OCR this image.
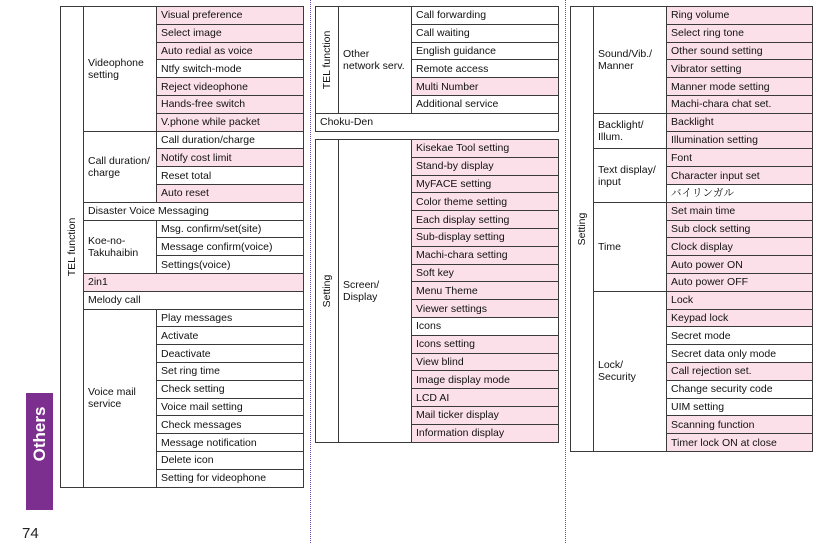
Others
74
TEL function	Videophone setting	Visual preference
		Select image
		Auto redial as voice
		Ntfy switch-mode
		Reject videophone
		Hands-free switch
		V.phone while packet
	Call duration/ charge	Call duration/charge
		Notify cost limit
		Reset total
		Auto reset
	Disaster Voice Messaging	
	Koe-no-Takuhaibin	Msg. confirm/set(site)
		Message confirm(voice)
		Settings(voice)
	2in1	
	Melody call	
	Voice mail service	Play messages
		Activate
		Deactivate
		Set ring time
		Check setting
		Voice mail setting
		Check messages
		Message notification
		Delete icon
		Setting for videophone
TEL function	Other network serv.	Call forwarding
Call waiting
English guidance
Remote access
Multi Number
Additional service
Choku-Den
Setting	Screen/ Display	Kisekae Tool setting
Stand-by display
MyFACE setting
Color theme setting
Each display setting
Sub-display setting
Machi-chara setting
Soft key
Menu Theme
Viewer settings
Icons
Icons setting
View blind
Image display mode
LCD AI
Mail ticker display
Information display
Setting	Sound/Vib./ Manner	Ring volume
		Select ring tone
		Other sound setting
		Vibrator setting
		Manner mode setting
		Machi-chara chat set.
	Backlight/ Illum.	Backlight
		Illumination setting
	Text display/ input	Font
		Character input set
		バイリンガル
	Time	Set main time
		Sub clock setting
		Clock display
		Auto power ON
		Auto power OFF
	Lock/ Security	Lock
		Keypad lock
		Secret mode
		Secret data only mode
		Call rejection set.
		Change security code
		UIM setting
		Scanning function
		Timer lock ON at close
